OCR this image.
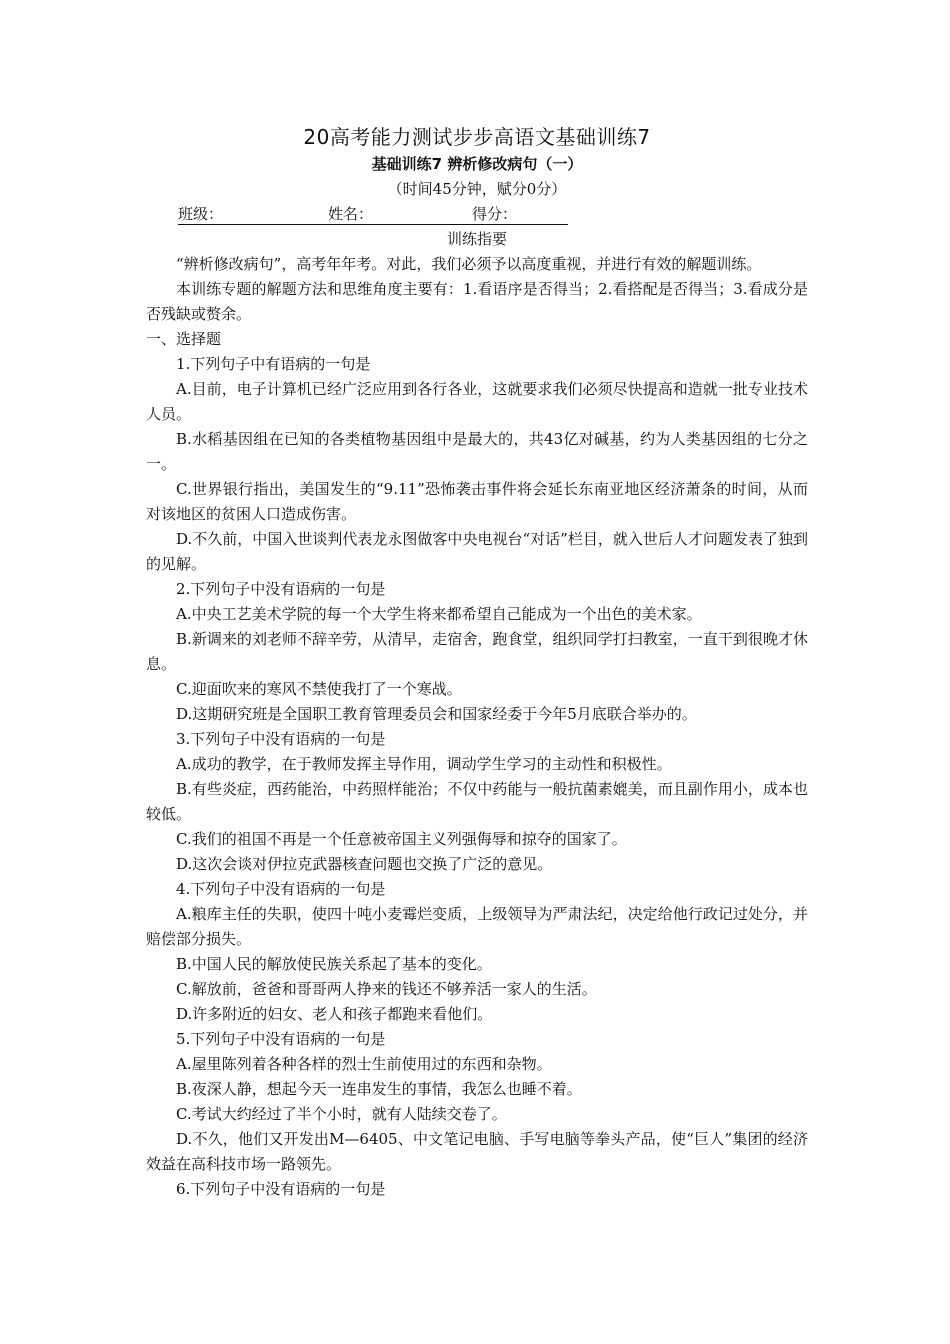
20高考能力测试步步高语文基础训练7
基础训练7 辨析修改病句（一）

（时间45分钟，赋分0分）

班级：	姓名：	得分：

训练指要

“辨析修改病句”，高考年年考。对此，我们必须予以高度重视，并进行有效的解题训练。

本训练专题的解题方法和思维角度主要有：1.看语序是否得当；2.看搭配是否得当；3.看成分是否残缺或赘余。

一、选择题

1.下列句子中有语病的一句是

A.目前，电子计算机已经广泛应用到各行各业，这就要求我们必须尽快提高和造就一批专业技术人员。

B.水稻基因组在已知的各类植物基因组中是最大的，共43亿对碱基，约为人类基因组的七分之一。

C.世界银行指出，美国发生的“9.11”恐怖袭击事件将会延长东南亚地区经济萧条的时间，从而对该地区的贫困人口造成伤害。

D.不久前，中国入世谈判代表龙永图做客中央电视台“对话”栏目，就入世后人才问题发表了独到的见解。

2.下列句子中没有语病的一句是

A.中央工艺美术学院的每一个大学生将来都希望自己能成为一个出色的美术家。

B.新调来的刘老师不辞辛劳，从清早，走宿舍，跑食堂，组织同学打扫教室，一直干到很晚才休息。

C.迎面吹来的寒风不禁使我打了一个寒战。

D.这期研究班是全国职工教育管理委员会和国家经委于今年5月底联合举办的。

3.下列句子中没有语病的一句是

A.成功的教学，在于教师发挥主导作用，调动学生学习的主动性和积极性。

B.有些炎症，西药能治，中药照样能治；不仅中药能与一般抗菌素媲美，而且副作用小，成本也较低。

C.我们的祖国不再是一个任意被帝国主义列强侮辱和掠夺的国家了。

D.这次会谈对伊拉克武器核查问题也交换了广泛的意见。

4.下列句子中没有语病的一句是

A.粮库主任的失职，使四十吨小麦霉烂变质，上级领导为严肃法纪，决定给他行政记过处分，并赔偿部分损失。

B.中国人民的解放使民族关系起了基本的变化。

C.解放前，爸爸和哥哥两人挣来的钱还不够养活一家人的生活。

D.许多附近的妇女、老人和孩子都跑来看他们。

5.下列句子中没有语病的一句是

A.屋里陈列着各种各样的烈士生前使用过的东西和杂物。

B.夜深人静，想起今天一连串发生的事情，我怎么也睡不着。

C.考试大约经过了半个小时，就有人陆续交卷了。

D.不久，他们又开发出M—6405、中文笔记电脑、手写电脑等拳头产品，使“巨人”集团的经济效益在高科技市场一路领先。

6.下列句子中没有语病的一句是
